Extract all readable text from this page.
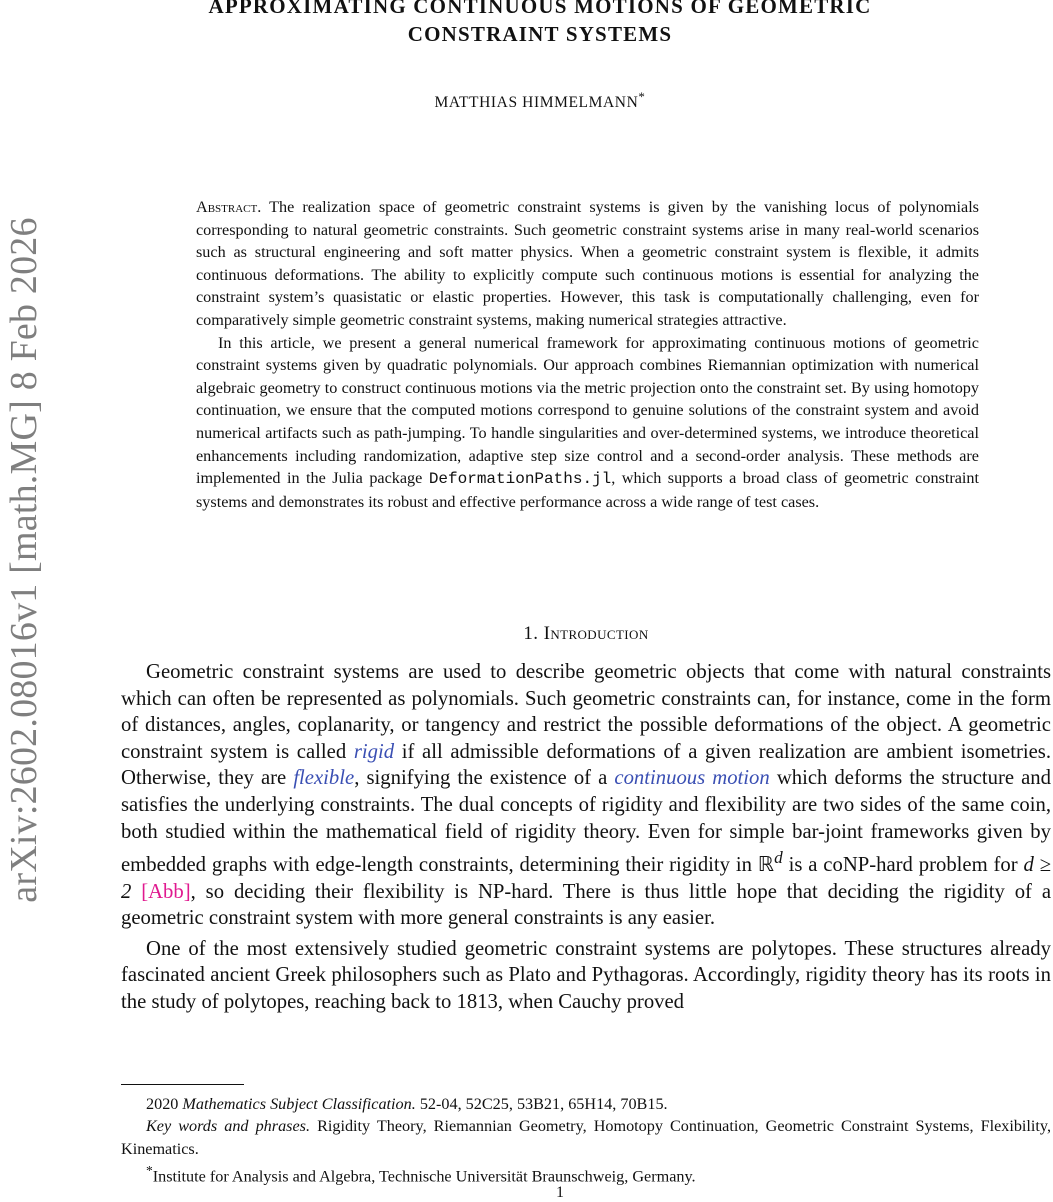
arXiv:2602.08016v1 [math.MG] 8 Feb 2026
APPROXIMATING CONTINUOUS MOTIONS OF GEOMETRIC
CONSTRAINT SYSTEMS
MATTHIAS HIMMELMANN*

Abstract. The realization space of geometric constraint systems is given by the vanishing locus of polynomials corresponding to natural geometric constraints. Such geometric constraint systems arise in many real-world scenarios such as structural engineering and soft matter physics. When a geometric constraint system is flexible, it admits continuous deformations. The ability to explicitly compute such continuous motions is essential for analyzing the constraint system’s quasistatic or elastic properties. However, this task is computationally challenging, even for comparatively simple geometric constraint systems, making numerical strategies attractive.

In this article, we present a general numerical framework for approximating continuous motions of geometric constraint systems given by quadratic polynomials. Our approach combines Riemannian optimization with numerical algebraic geometry to construct continuous motions via the metric projection onto the constraint set. By using homotopy continuation, we ensure that the computed motions correspond to genuine solutions of the constraint system and avoid numerical artifacts such as path-jumping. To handle singularities and over-determined systems, we introduce theoretical enhancements including randomization, adaptive step size control and a second-order analysis. These methods are implemented in the Julia package DeformationPaths.jl, which supports a broad class of geometric constraint systems and demonstrates its robust and effective performance across a wide range of test cases.

1. Introduction

Geometric constraint systems are used to describe geometric objects that come with natural constraints which can often be represented as polynomials. Such geometric constraints can, for instance, come in the form of distances, angles, coplanarity, or tangency and restrict the possible deformations of the object. A geometric constraint system is called rigid if all admissible deformations of a given realization are ambient isometries. Otherwise, they are flexible, signifying the existence of a continuous motion which deforms the structure and satisfies the underlying constraints. The dual concepts of rigidity and flexibility are two sides of the same coin, both studied within the mathematical field of rigidity theory. Even for simple bar-joint frameworks given by embedded graphs with edge-length constraints, determining their rigidity in ℝ$^d$ is a coNP-hard problem for d ≥ 2 [Abb], so deciding their flexibility is NP-hard. There is thus little hope that deciding the rigidity of a geometric constraint system with more general constraints is any easier.

One of the most extensively studied geometric constraint systems are polytopes. These structures already fascinated ancient Greek philosophers such as Plato and Pythagoras. Accordingly, rigidity theory has its roots in the study of polytopes, reaching back to 1813, when Cauchy proved

2020 Mathematics Subject Classification. 52-04, 52C25, 53B21, 65H14, 70B15.

Key words and phrases. Rigidity Theory, Riemannian Geometry, Homotopy Continuation, Geometric Constraint Systems, Flexibility, Kinematics.

*Institute for Analysis and Algebra, Technische Universität Braunschweig, Germany.

1
